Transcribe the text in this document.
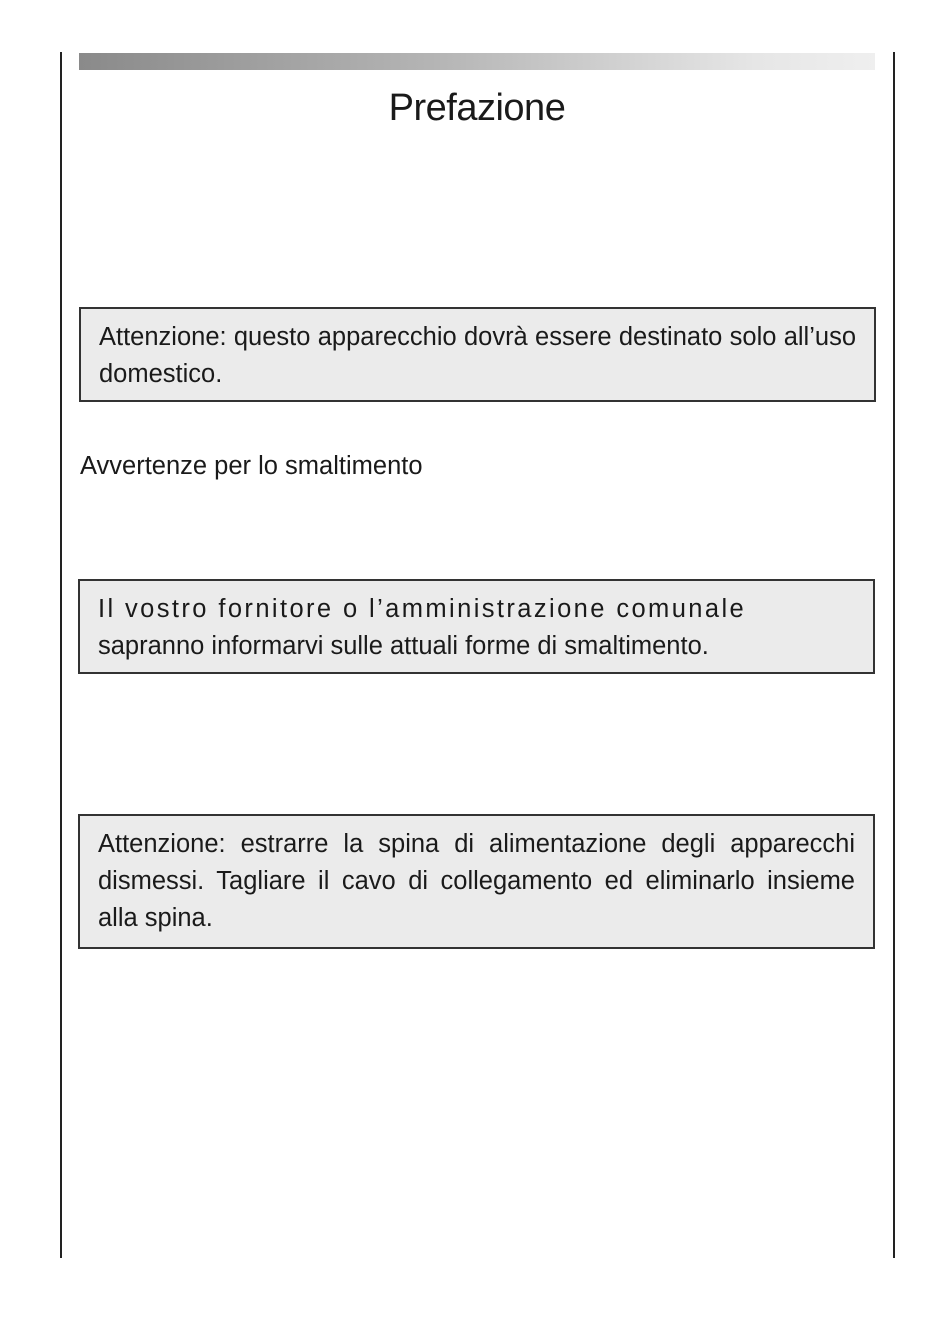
Prefazione

Attenzione: questo apparecchio dovrà essere destinato solo all’uso domestico.

Avvertenze per lo smaltimento

Il vostro fornitore o l’amministrazione comunale

sapranno informarvi sulle attuali forme di smaltimento.

Attenzione: estrarre la spina di alimentazione degli apparecchi dismessi. Tagliare il cavo di collegamento ed eliminarlo insieme alla spina.
